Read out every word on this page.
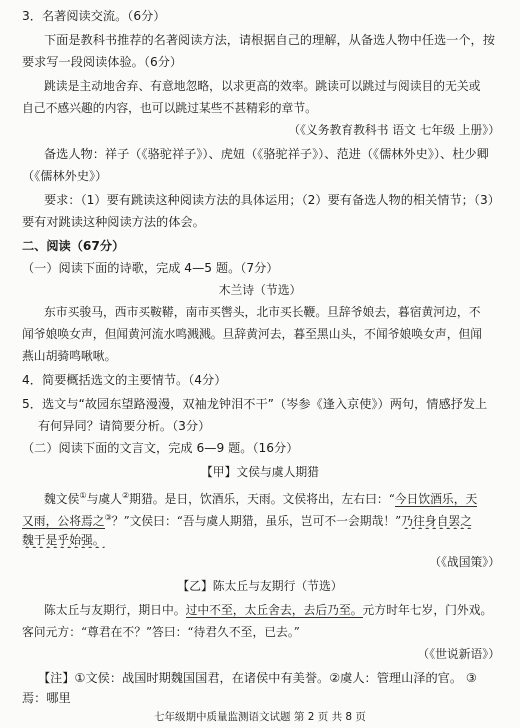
3．名著阅读交流。（6分）
下面是教科书推荐的名著阅读方法，请根据自己的理解，从备选人物中任选一个，按
要求写一段阅读体验。（6分）
跳读是主动地舍弃、有意地忽略，以求更高的效率。跳读可以跳过与阅读目的无关或
自己不感兴趣的内容，也可以跳过某些不甚精彩的章节。
（《义务教育教科书 语文 七年级 上册》）
备选人物：祥子（《骆驼祥子》）、虎妞（《骆驼祥子》）、范进（《儒林外史》）、杜少卿
（《儒林外史》）
要求：（1）要有跳读这种阅读方法的具体运用；（2）要有备选人物的相关情节；（3）
要有对跳读这种阅读方法的体会。
二、阅读（67分）
（一）阅读下面的诗歌，完成 4—5 题。（7分）
木兰诗（节选）
东市买骏马，西市买鞍鞯，南市买辔头，北市买长鞭。旦辞爷娘去，暮宿黄河边，不
闻爷娘唤女声，但闻黄河流水鸣溅溅。旦辞黄河去，暮至黑山头，不闻爷娘唤女声，但闻
燕山胡骑鸣啾啾。
4．简要概括选文的主要情节。（4分）
5．选文与“故园东望路漫漫，双袖龙钟泪不干”（岑参《逢入京使》）两句，情感抒发上
有何异同？请简要分析。（3分）
（二）阅读下面的文言文，完成 6—9 题。（16分）
【甲】文侯与虞人期猎
魏文侯①与虞人②期猎。是日，饮酒乐，天雨。文侯将出，左右曰：“今日饮酒乐，天
又雨，公将焉之③？”文侯曰：“吾与虞人期猎，虽乐，岂可不一会期哉！”乃往身自罢之
魏于是乎始强。
（《战国策》）
【乙】陈太丘与友期行（节选）
陈太丘与友期行，期日中。过中不至，太丘舍去，去后乃至。元方时年七岁，门外戏。
客问元方：“尊君在不？”答曰：“待君久不至，已去。”
（《世说新语》）
【注】①文侯：战国时期魏国国君，在诸侯中有美誉。②虞人：管理山泽的官。 ③
焉：哪里
七年级期中质量监测语文试题 第 2 页 共 8 页
